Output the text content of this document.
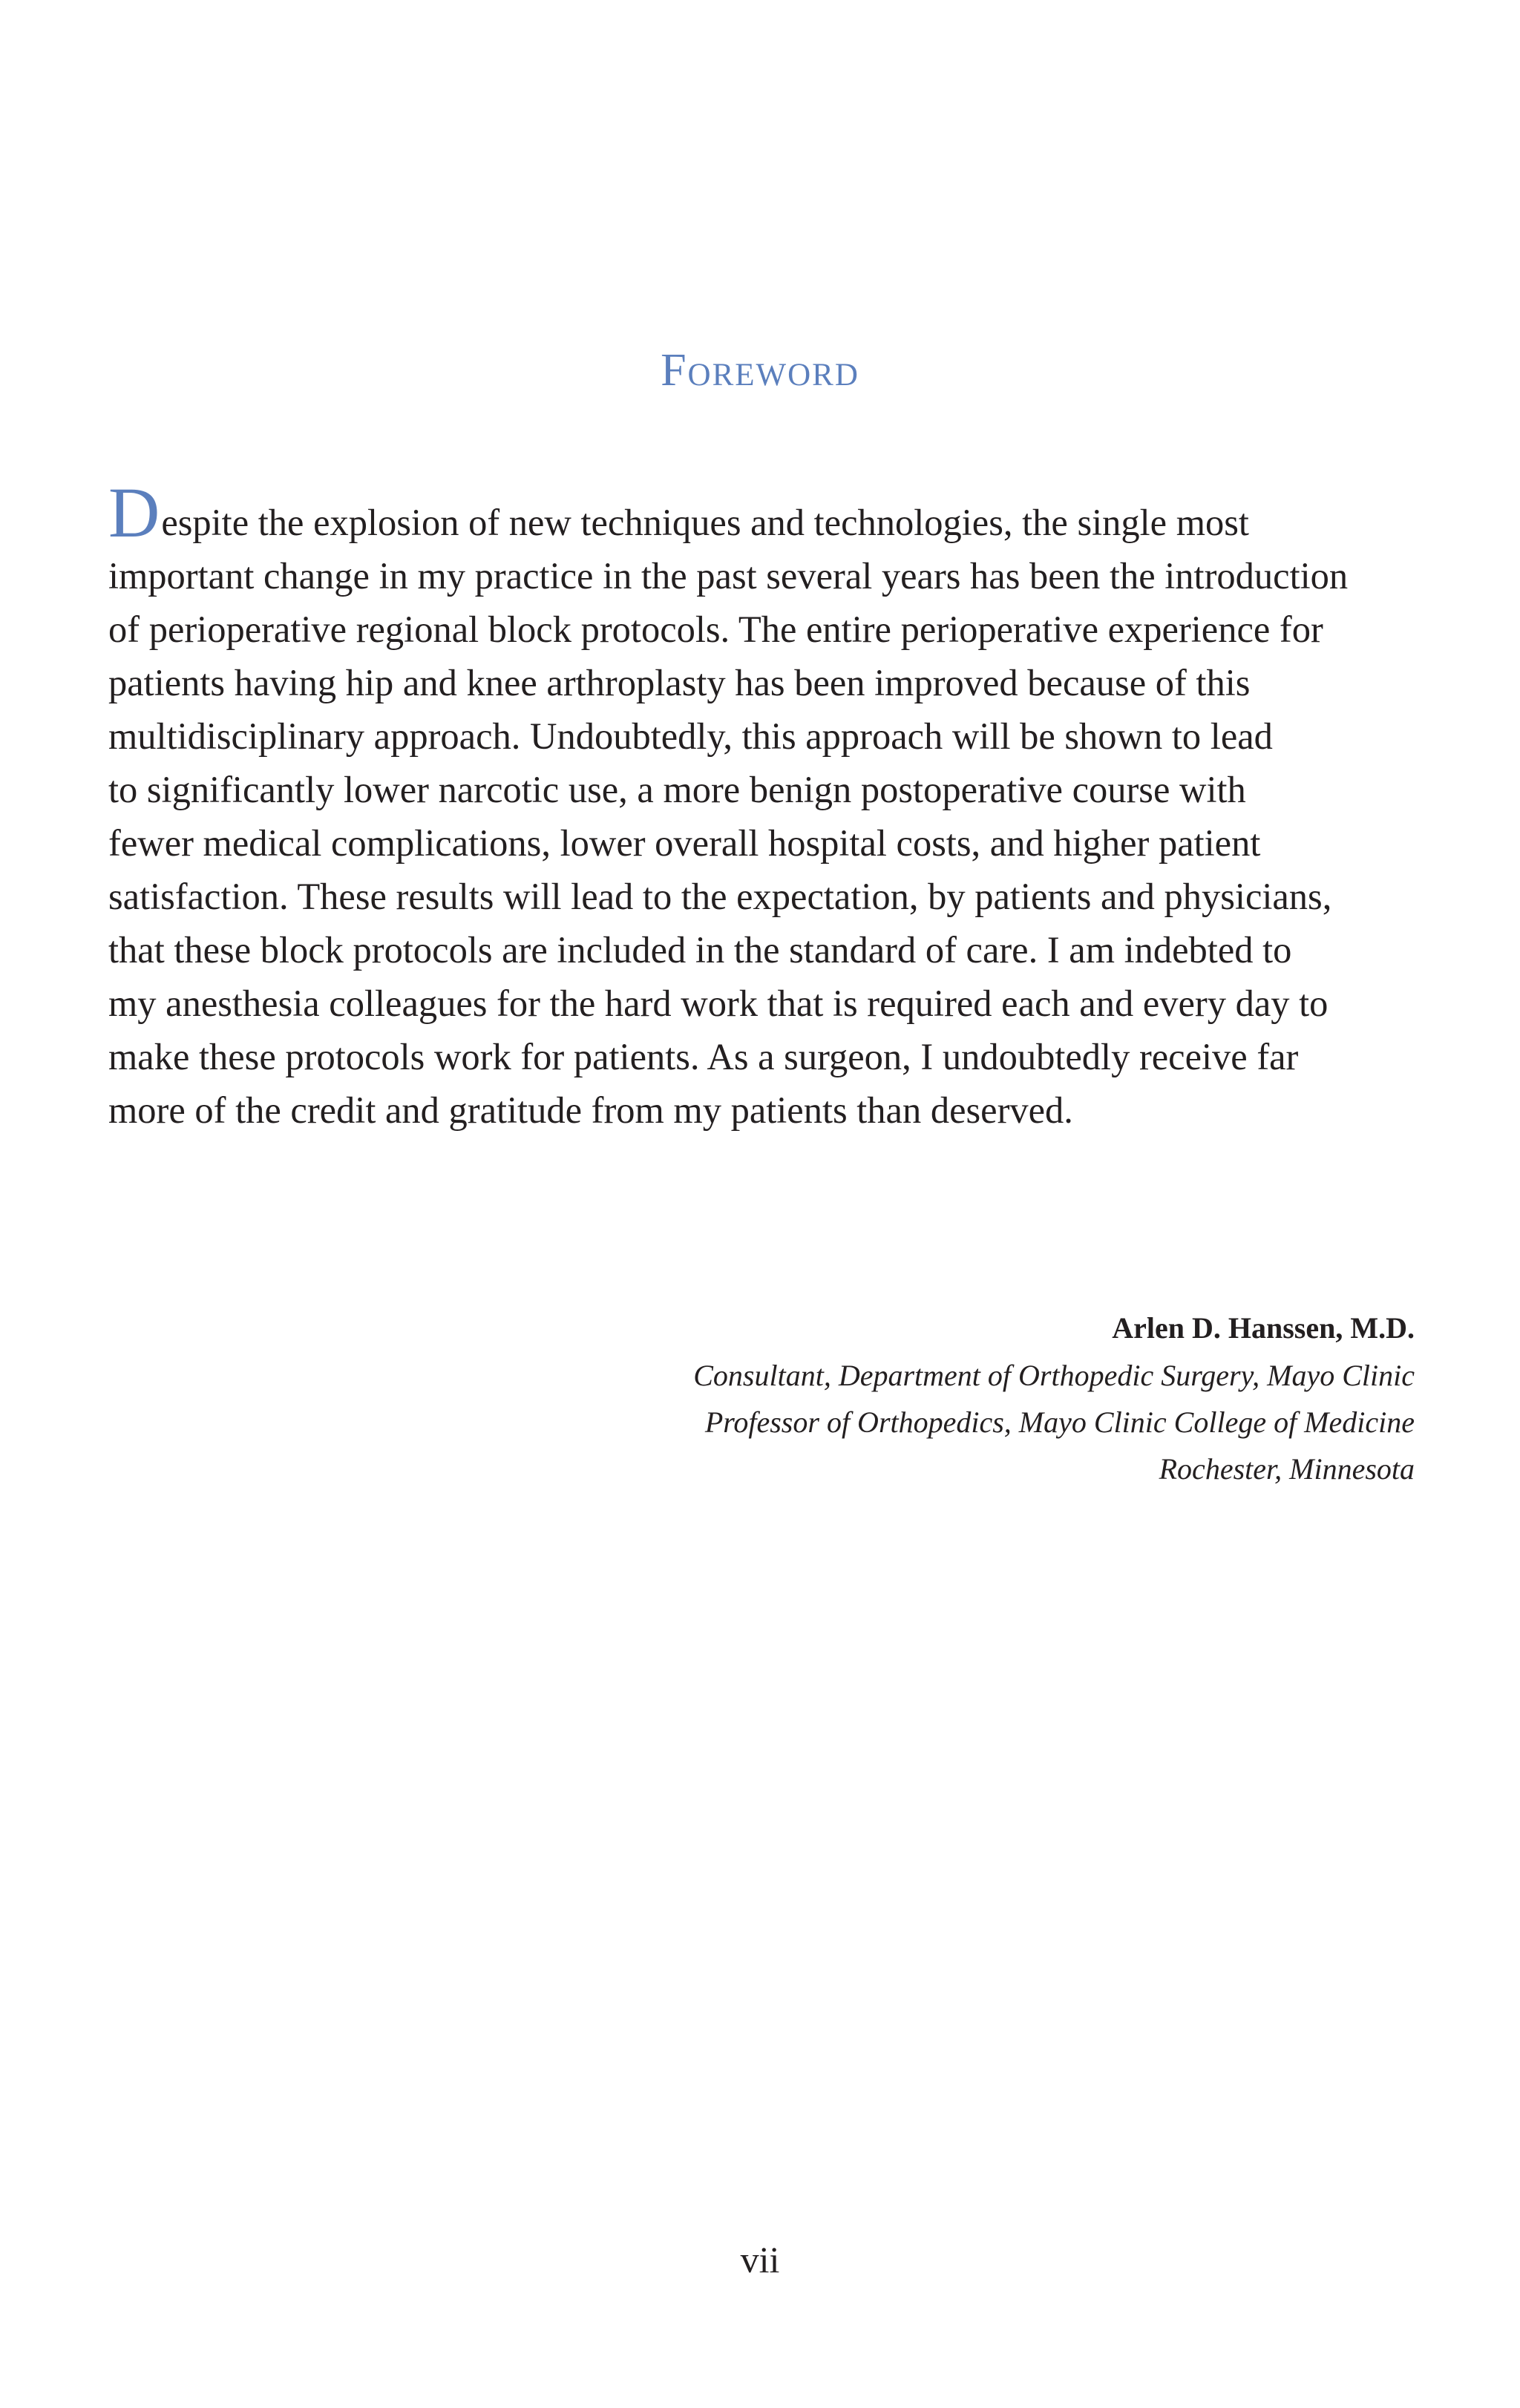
Foreword

Despite the explosion of new techniques and technologies, the single most
important change in my practice in the past several years has been the introduction
of perioperative regional block protocols. The entire perioperative experience for
patients having hip and knee arthroplasty has been improved because of this
multidisciplinary approach. Undoubtedly, this approach will be shown to lead
to significantly lower narcotic use, a more benign postoperative course with
fewer medical complications, lower overall hospital costs, and higher patient
satisfaction. These results will lead to the expectation, by patients and physicians,
that these block protocols are included in the standard of care. I am indebted to
my anesthesia colleagues for the hard work that is required each and every day to
make these protocols work for patients. As a surgeon, I undoubtedly receive far
more of the credit and gratitude from my patients than deserved.

Arlen D. Hanssen, M.D.
Consultant, Department of Orthopedic Surgery, Mayo Clinic
Professor of Orthopedics, Mayo Clinic College of Medicine
Rochester, Minnesota
vii
